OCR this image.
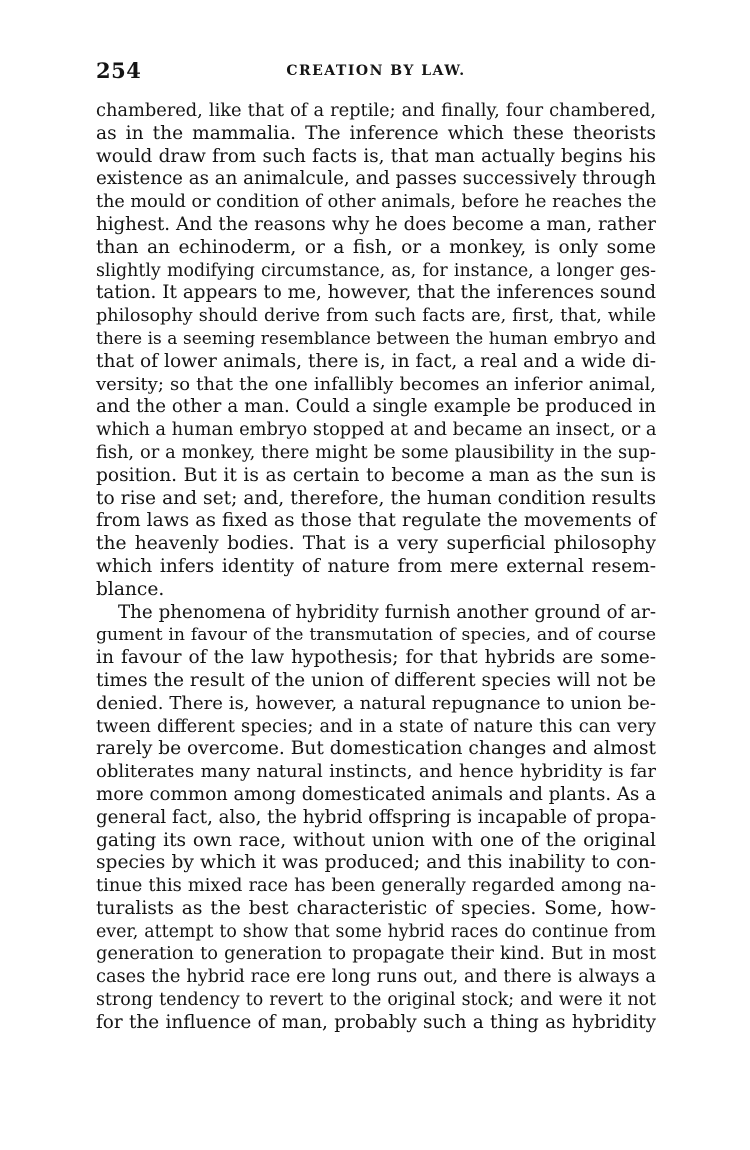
254	CREATION BY LAW.
chambered, like that of a reptile; and finally, four chambered,
as in the mammalia. The inference which these theorists
would draw from such facts is, that man actually begins his
existence as an animalcule, and passes successively through
the mould or condition of other animals, before he reaches the
highest. And the reasons why he does become a man, rather
than an echinoderm, or a fish, or a monkey, is only some
slightly modifying circumstance, as, for instance, a longer ges-
tation. It appears to me, however, that the inferences sound
philosophy should derive from such facts are, first, that, while
there is a seeming resemblance between the human embryo and
that of lower animals, there is, in fact, a real and a wide di-
versity; so that the one infallibly becomes an inferior animal,
and the other a man. Could a single example be produced in
which a human embryo stopped at and became an insect, or a
fish, or a monkey, there might be some plausibility in the sup-
position. But it is as certain to become a man as the sun is
to rise and set; and, therefore, the human condition results
from laws as fixed as those that regulate the movements of
the heavenly bodies. That is a very superficial philosophy
which infers identity of nature from mere external resem-
blance.
The phenomena of hybridity furnish another ground of ar-
gument in favour of the transmutation of species, and of course
in favour of the law hypothesis; for that hybrids are some-
times the result of the union of different species will not be
denied. There is, however, a natural repugnance to union be-
tween different species; and in a state of nature this can very
rarely be overcome. But domestication changes and almost
obliterates many natural instincts, and hence hybridity is far
more common among domesticated animals and plants. As a
general fact, also, the hybrid offspring is incapable of propa-
gating its own race, without union with one of the original
species by which it was produced; and this inability to con-
tinue this mixed race has been generally regarded among na-
turalists as the best characteristic of species. Some, how-
ever, attempt to show that some hybrid races do continue from
generation to generation to propagate their kind. But in most
cases the hybrid race ere long runs out, and there is always a
strong tendency to revert to the original stock; and were it not
for the influence of man, probably such a thing as hybridity
